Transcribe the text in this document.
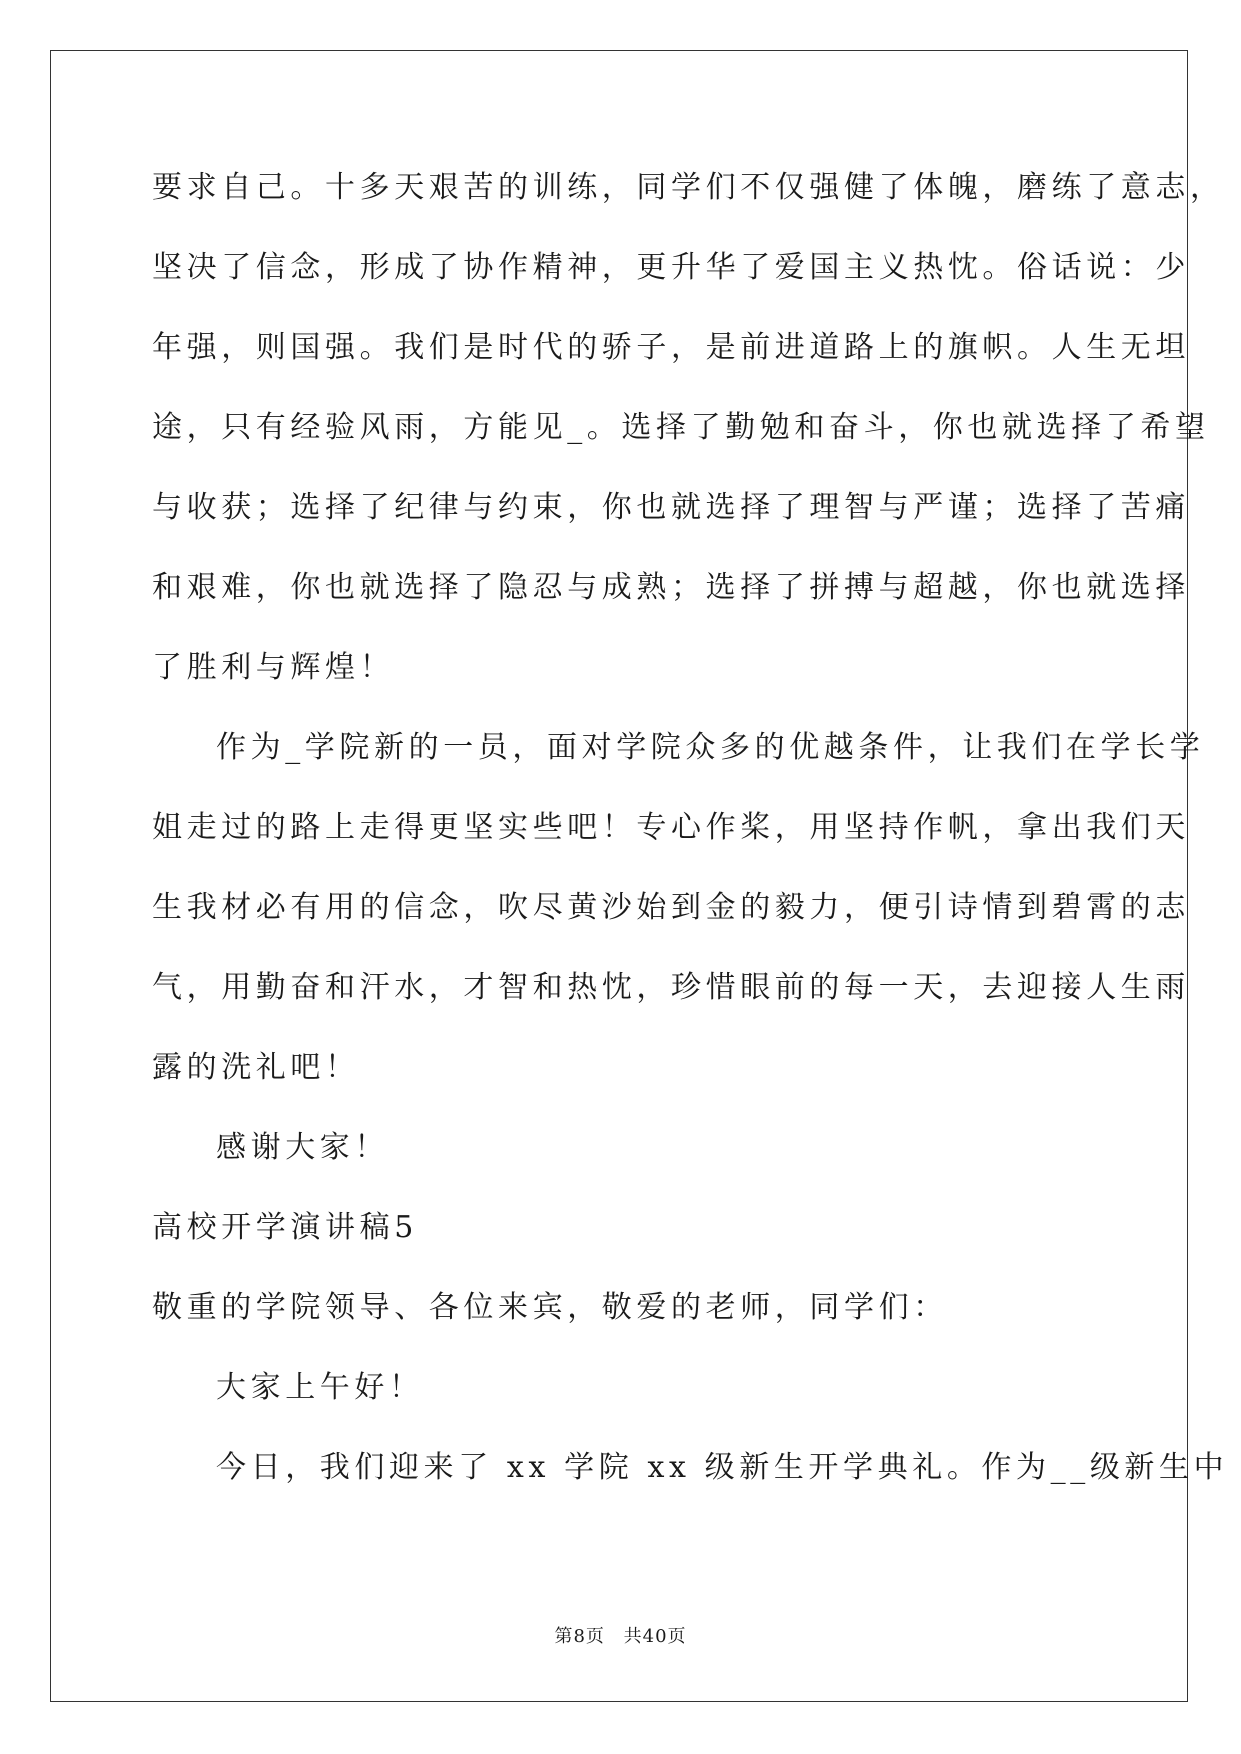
要求自己。十多天艰苦的训练，同学们不仅强健了体魄，磨练了意志，
坚决了信念，形成了协作精神，更升华了爱国主义热忱。俗话说：少
年强，则国强。我们是时代的骄子，是前进道路上的旗帜。人生无坦
途，只有经验风雨，方能见_。选择了勤勉和奋斗，你也就选择了希望
与收获；选择了纪律与约束，你也就选择了理智与严谨；选择了苦痛
和艰难，你也就选择了隐忍与成熟；选择了拼搏与超越，你也就选择
了胜利与辉煌！
作为_学院新的一员，面对学院众多的优越条件，让我们在学长学
姐走过的路上走得更坚实些吧！专心作桨，用坚持作帆，拿出我们天
生我材必有用的信念，吹尽黄沙始到金的毅力，便引诗情到碧霄的志
气，用勤奋和汗水，才智和热忱，珍惜眼前的每一天，去迎接人生雨
露的洗礼吧！
感谢大家！
高校开学演讲稿5
敬重的学院领导、各位来宾，敬爱的老师，同学们：
大家上午好！
今日，我们迎来了 xx 学院 xx 级新生开学典礼。作为__级新生中
第8页 共40页
